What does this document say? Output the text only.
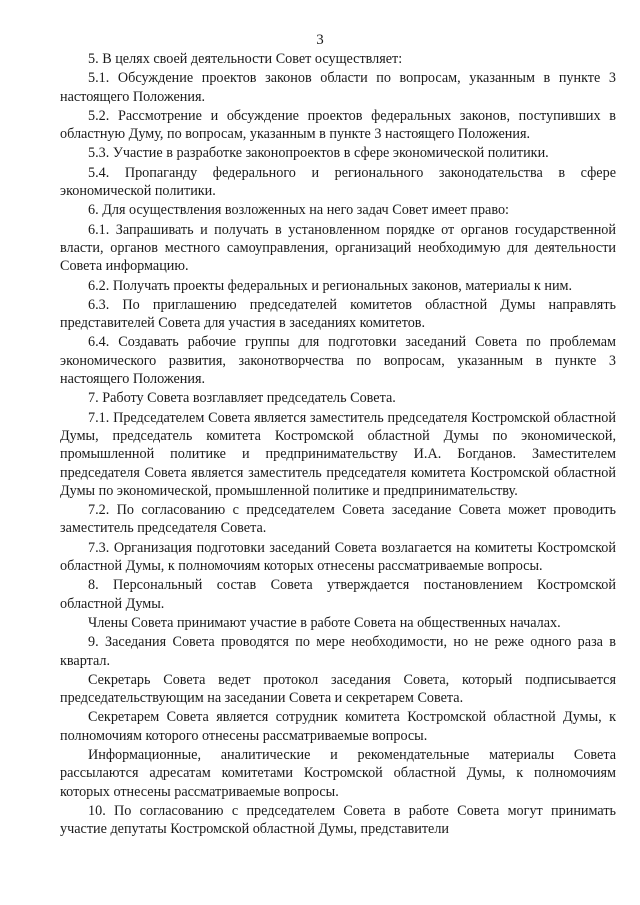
3

5. В целях своей деятельности Совет осуществляет:

5.1. Обсуждение проектов законов области по вопросам, указанным в пункте 3 настоящего Положения.

5.2. Рассмотрение и обсуждение проектов федеральных законов, поступивших в областную Думу, по вопросам, указанным в пункте 3 настоящего Положения.

5.3. Участие в разработке законопроектов в сфере экономической политики.

5.4. Пропаганду федерального и регионального законодательства в сфере экономической политики.

6. Для осуществления возложенных на него задач Совет имеет право:

6.1. Запрашивать и получать в установленном порядке от органов государственной власти, органов местного самоуправления, организаций необходимую для деятельности Совета информацию.

6.2. Получать проекты федеральных и региональных законов, материалы к ним.

6.3. По приглашению председателей комитетов областной Думы направлять представителей Совета для участия в заседаниях комитетов.

6.4. Создавать рабочие группы для подготовки заседаний Совета по проблемам экономического развития, законотворчества по вопросам, указанным в пункте 3 настоящего Положения.

7. Работу Совета возглавляет председатель Совета.

7.1. Председателем Совета является заместитель председателя Костромской областной Думы, председатель комитета Костромской областной Думы по экономической, промышленной политике и предпринимательству И.А. Богданов. Заместителем председателя Совета является заместитель председателя комитета Костромской областной Думы по экономической, промышленной политике и предпринимательству.

7.2. По согласованию с председателем Совета заседание Совета может проводить заместитель председателя Совета.

7.3. Организация подготовки заседаний Совета возлагается на комитеты Костромской областной Думы, к полномочиям которых отнесены рассматриваемые вопросы.

8. Персональный состав Совета утверждается постановлением Костромской областной Думы.

Члены Совета принимают участие в работе Совета на общественных началах.

9. Заседания Совета проводятся по мере необходимости, но не реже одного раза в квартал.

Секретарь Совета ведет протокол заседания Совета, который подписывается председательствующим на заседании Совета и секретарем Совета.

Секретарем Совета является сотрудник комитета Костромской областной Думы, к полномочиям которого отнесены рассматриваемые вопросы.

Информационные, аналитические и рекомендательные материалы Совета рассылаются адресатам комитетами Костромской областной Думы, к полномочиям которых отнесены рассматриваемые вопросы.

10. По согласованию с председателем Совета в работе Совета могут принимать участие депутаты Костромской областной Думы, представители
